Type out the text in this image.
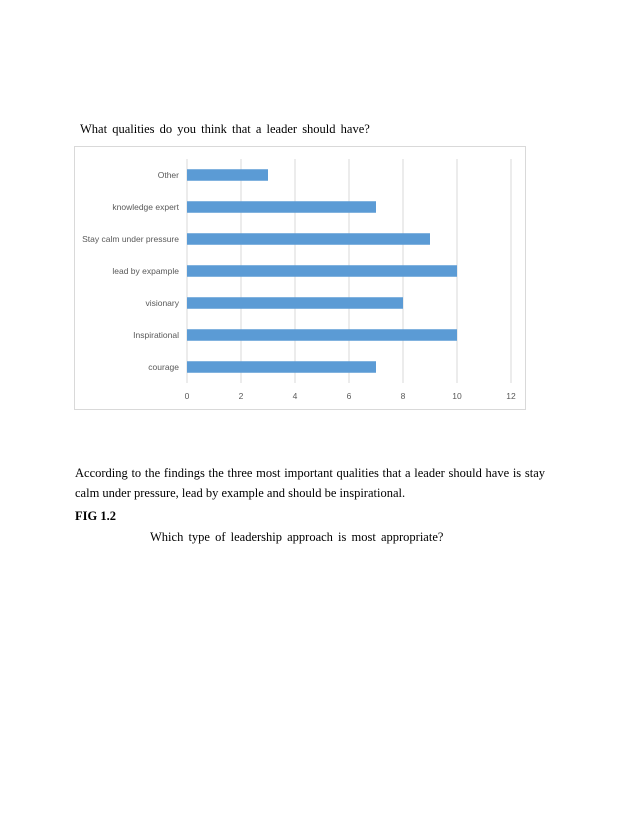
What qualities do you think that a leader should have?
Other
knowledge expert
Stay calm under pressure
lead by expample
visionary
Inspirational
courage
0	2	4	6	8	10	12
According to the findings the three most important qualities that a leader should have is stay calm under pressure, lead by example and should be inspirational.
FIG 1.2
Which type of leadership approach is most appropriate?
